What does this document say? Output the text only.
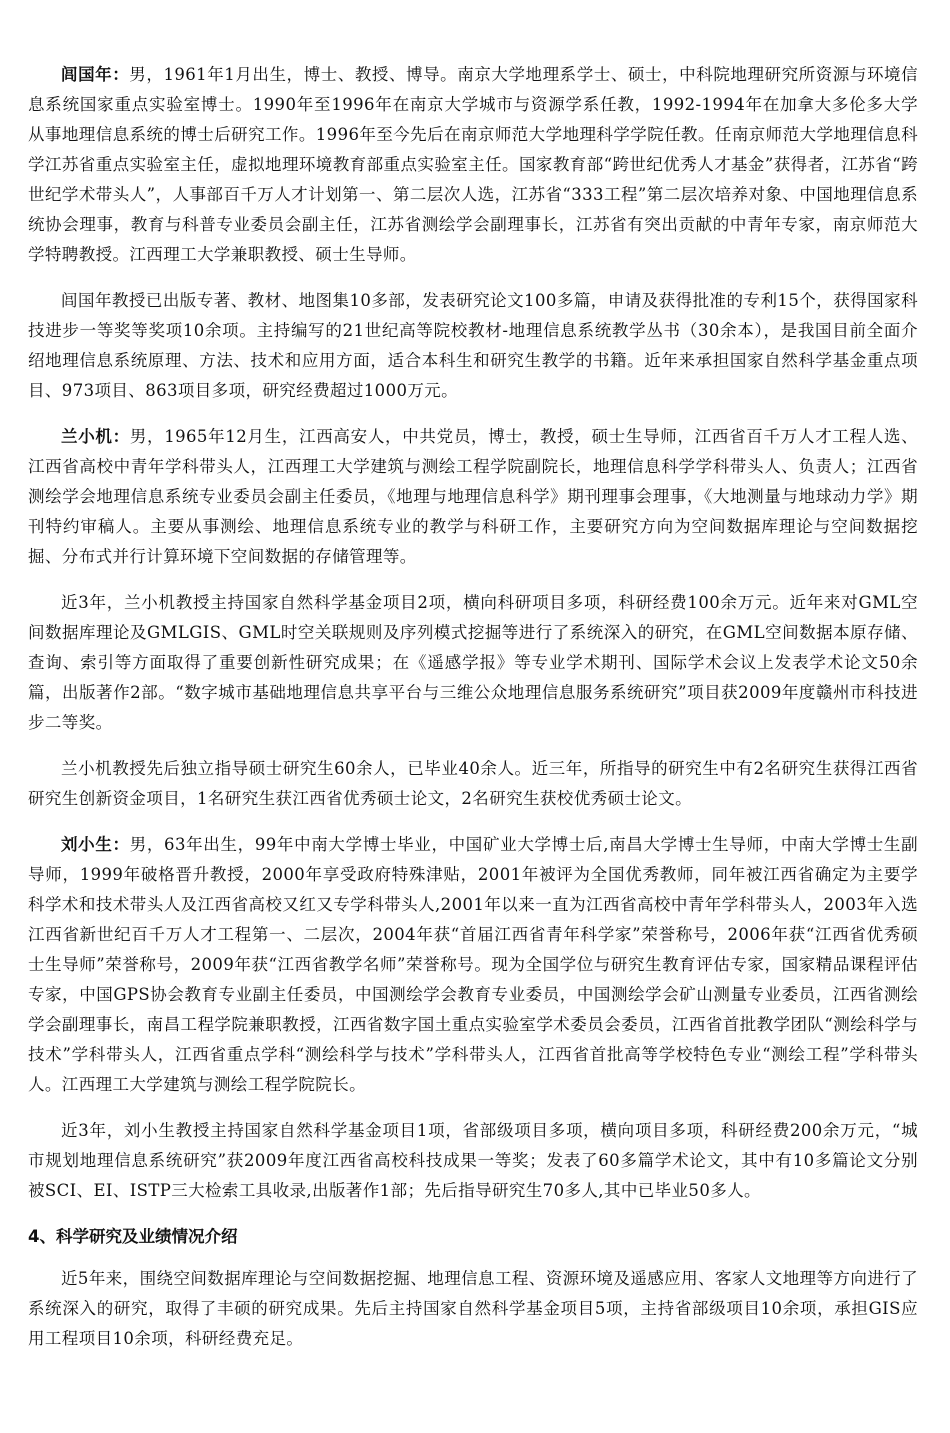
闾国年：男，1961年1月出生，博士、教授、博导。南京大学地理系学士、硕士，中科院地理研究所资源与环境信息系统国家重点实验室博士。1990年至1996年在南京大学城市与资源学系任教，1992-1994年在加拿大多伦多大学从事地理信息系统的博士后研究工作。1996年至今先后在南京师范大学地理科学学院任教。任南京师范大学地理信息科学江苏省重点实验室主任，虚拟地理环境教育部重点实验室主任。国家教育部“跨世纪优秀人才基金”获得者，江苏省“跨世纪学术带头人”，人事部百千万人才计划第一、第二层次人选，江苏省“333工程”第二层次培养对象、中国地理信息系统协会理事，教育与科普专业委员会副主任，江苏省测绘学会副理事长，江苏省有突出贡献的中青年专家，南京师范大学特聘教授。江西理工大学兼职教授、硕士生导师。

闾国年教授已出版专著、教材、地图集10多部，发表研究论文100多篇，申请及获得批准的专利15个，获得国家科技进步一等奖等奖项10余项。主持编写的21世纪高等院校教材-地理信息系统教学丛书（30余本），是我国目前全面介绍地理信息系统原理、方法、技术和应用方面，适合本科生和研究生教学的书籍。近年来承担国家自然科学基金重点项目、973项目、863项目多项，研究经费超过1000万元。

兰小机：男，1965年12月生，江西高安人，中共党员，博士，教授，硕士生导师，江西省百千万人才工程人选、江西省高校中青年学科带头人，江西理工大学建筑与测绘工程学院副院长，地理信息科学学科带头人、负责人；江西省测绘学会地理信息系统专业委员会副主任委员，《地理与地理信息科学》期刊理事会理事，《大地测量与地球动力学》期刊特约审稿人。主要从事测绘、地理信息系统专业的教学与科研工作，主要研究方向为空间数据库理论与空间数据挖掘、分布式并行计算环境下空间数据的存储管理等。

近3年，兰小机教授主持国家自然科学基金项目2项，横向科研项目多项，科研经费100余万元。近年来对GML空间数据库理论及GMLGIS、GML时空关联规则及序列模式挖掘等进行了系统深入的研究，在GML空间数据本原存储、查询、索引等方面取得了重要创新性研究成果；在《遥感学报》等专业学术期刊、国际学术会议上发表学术论文50余篇，出版著作2部。“数字城市基础地理信息共享平台与三维公众地理信息服务系统研究”项目获2009年度赣州市科技进步二等奖。

兰小机教授先后独立指导硕士研究生60余人，已毕业40余人。近三年，所指导的研究生中有2名研究生获得江西省研究生创新资金项目，1名研究生获江西省优秀硕士论文，2名研究生获校优秀硕士论文。

刘小生：男，63年出生，99年中南大学博士毕业，中国矿业大学博士后,南昌大学博士生导师，中南大学博士生副导师，1999年破格晋升教授，2000年享受政府特殊津贴，2001年被评为全国优秀教师，同年被江西省确定为主要学科学术和技术带头人及江西省高校又红又专学科带头人,2001年以来一直为江西省高校中青年学科带头人，2003年入选江西省新世纪百千万人才工程第一、二层次，2004年获“首届江西省青年科学家”荣誉称号，2006年获“江西省优秀硕士生导师”荣誉称号，2009年获“江西省教学名师”荣誉称号。现为全国学位与研究生教育评估专家，国家精品课程评估专家，中国GPS协会教育专业副主任委员，中国测绘学会教育专业委员，中国测绘学会矿山测量专业委员，江西省测绘学会副理事长，南昌工程学院兼职教授，江西省数字国土重点实验室学术委员会委员，江西省首批教学团队“测绘科学与技术”学科带头人，江西省重点学科“测绘科学与技术”学科带头人，江西省首批高等学校特色专业“测绘工程”学科带头人。江西理工大学建筑与测绘工程学院院长。

近3年，刘小生教授主持国家自然科学基金项目1项，省部级项目多项，横向项目多项，科研经费200余万元，“城市规划地理信息系统研究”获2009年度江西省高校科技成果一等奖；发表了60多篇学术论文，其中有10多篇论文分别被SCI、EI、ISTP三大检索工具收录,出版著作1部；先后指导研究生70多人,其中已毕业50多人。

4、科学研究及业绩情况介绍

近5年来，围绕空间数据库理论与空间数据挖掘、地理信息工程、资源环境及遥感应用、客家人文地理等方向进行了系统深入的研究，取得了丰硕的研究成果。先后主持国家自然科学基金项目5项，主持省部级项目10余项，承担GIS应用工程项目10余项，科研经费充足。
